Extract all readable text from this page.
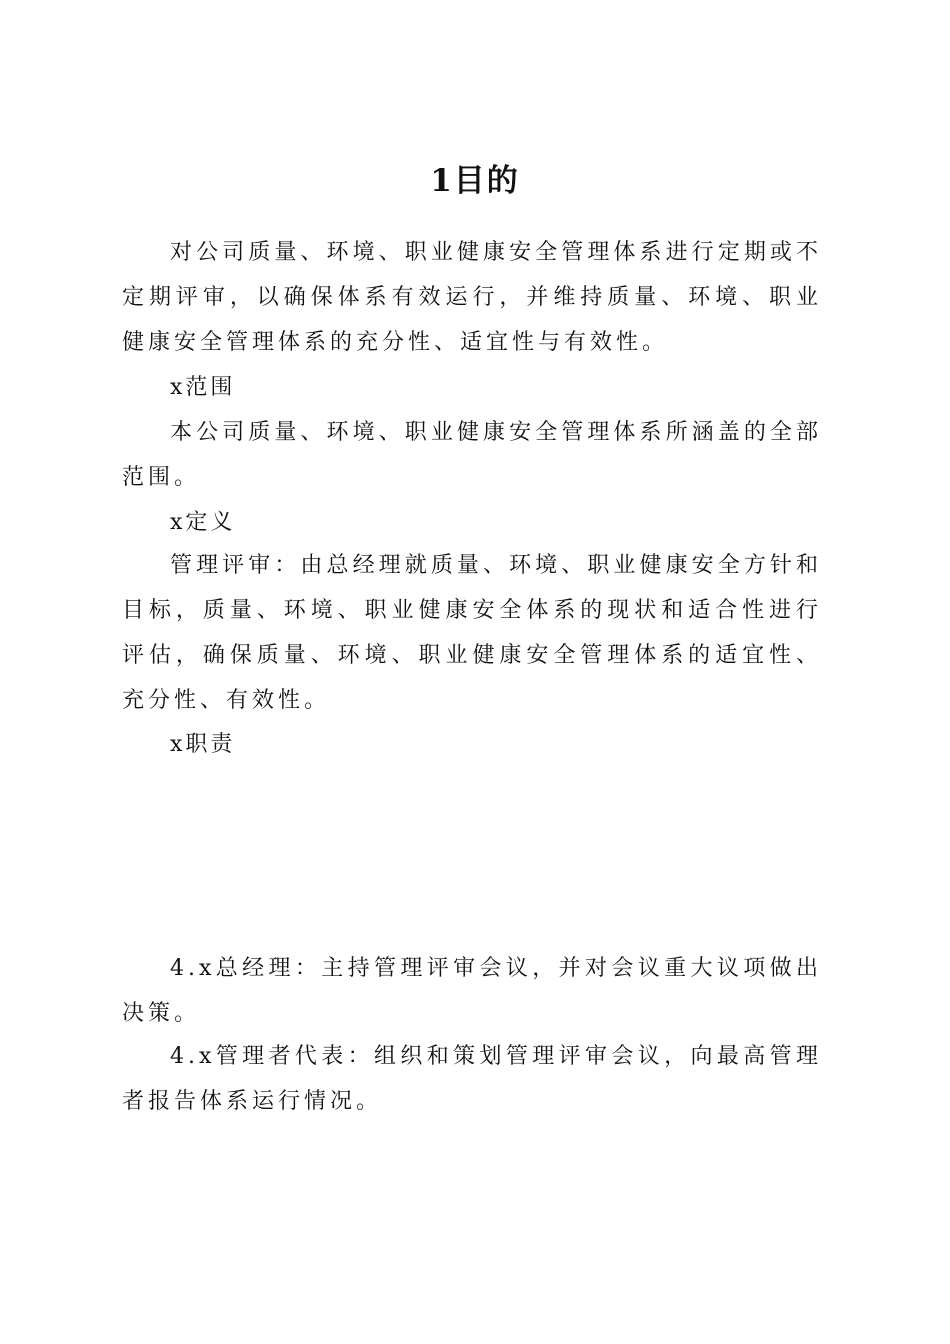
1目的

对公司质量、环境、职业健康安全管理体系进行定期或不定期评审，以确保体系有效运行，并维持质量、环境、职业健康安全管理体系的充分性、适宜性与有效性。

x范围

本公司质量、环境、职业健康安全管理体系所涵盖的全部范围。

x定义

管理评审：由总经理就质量、环境、职业健康安全方针和目标，质量、环境、职业健康安全体系的现状和适合性进行评估，确保质量、环境、职业健康安全管理体系的适宜性、充分性、有效性。

x职责

4.x总经理：主持管理评审会议，并对会议重大议项做出决策。

4.x管理者代表：组织和策划管理评审会议，向最高管理者报告体系运行情况。
